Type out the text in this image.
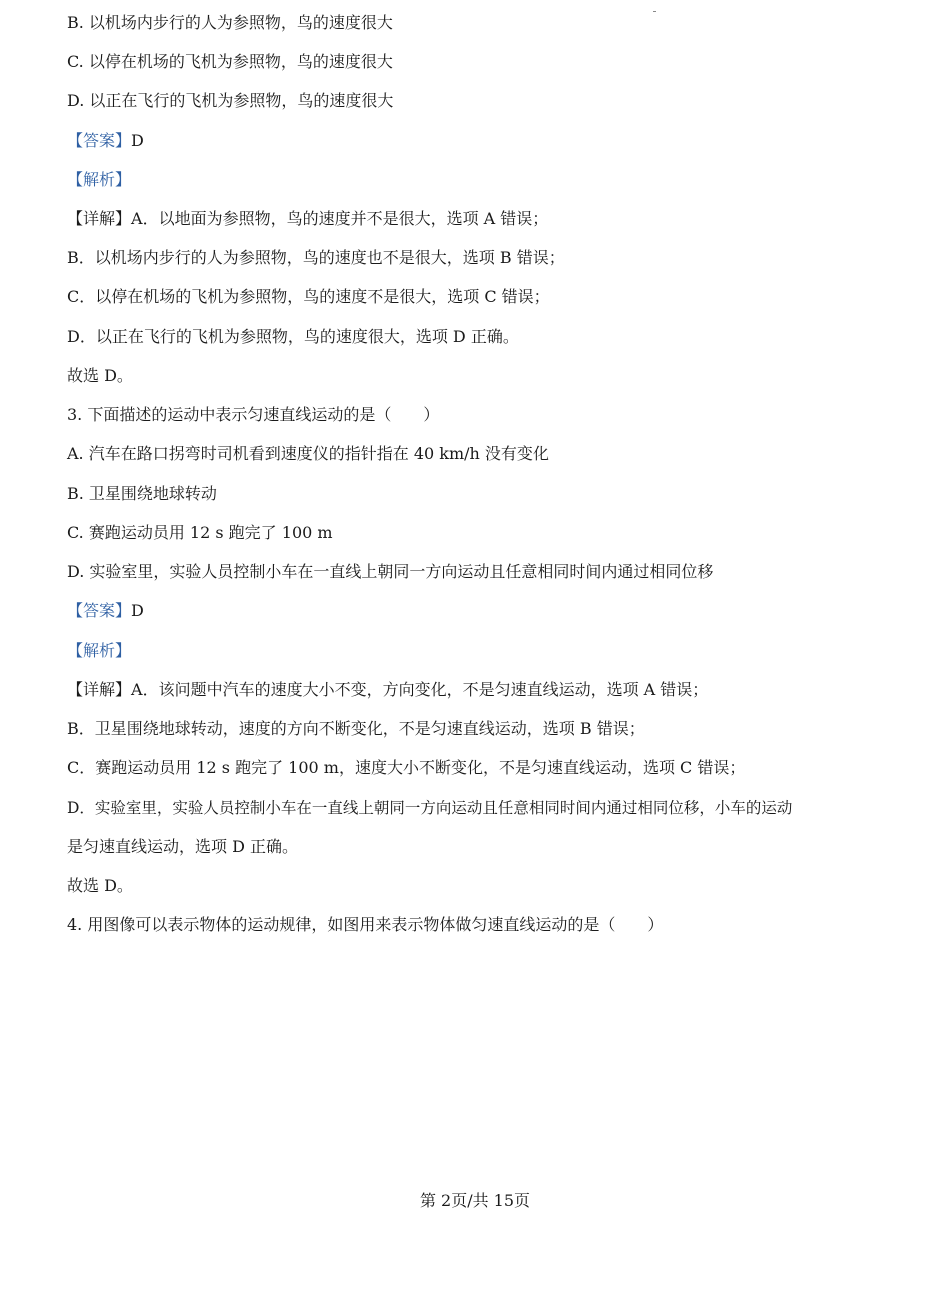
B. 以机场内步行的人为参照物，鸟的速度很大
C. 以停在机场的飞机为参照物，鸟的速度很大
D. 以正在飞行的飞机为参照物，鸟的速度很大
【答案】D
【解析】
【详解】A．以地面为参照物，鸟的速度并不是很大，选项 A 错误；
B．以机场内步行的人为参照物，鸟的速度也不是很大，选项 B 错误；
C．以停在机场的飞机为参照物，鸟的速度不是很大，选项 C 错误；
D．以正在飞行的飞机为参照物，鸟的速度很大，选项 D 正确。
故选 D。
3. 下面描述的运动中表示匀速直线运动的是（　　）
A. 汽车在路口拐弯时司机看到速度仪的指针指在 40 km/h 没有变化
B. 卫星围绕地球转动
C. 赛跑运动员用 12 s 跑完了 100 m
D. 实验室里，实验人员控制小车在一直线上朝同一方向运动且任意相同时间内通过相同位移
【答案】D
【解析】
【详解】A．该问题中汽车的速度大小不变，方向变化，不是匀速直线运动，选项 A 错误；
B．卫星围绕地球转动，速度的方向不断变化，不是匀速直线运动，选项 B 错误；
C．赛跑运动员用 12 s 跑完了 100 m，速度大小不断变化，不是匀速直线运动，选项 C 错误；
D．实验室里，实验人员控制小车在一直线上朝同一方向运动且任意相同时间内通过相同位移，小车的运动
是匀速直线运动，选项 D 正确。
故选 D。
4. 用图像可以表示物体的运动规律，如图用来表示物体做匀速直线运动的是（　　）
第 2页/共 15页
